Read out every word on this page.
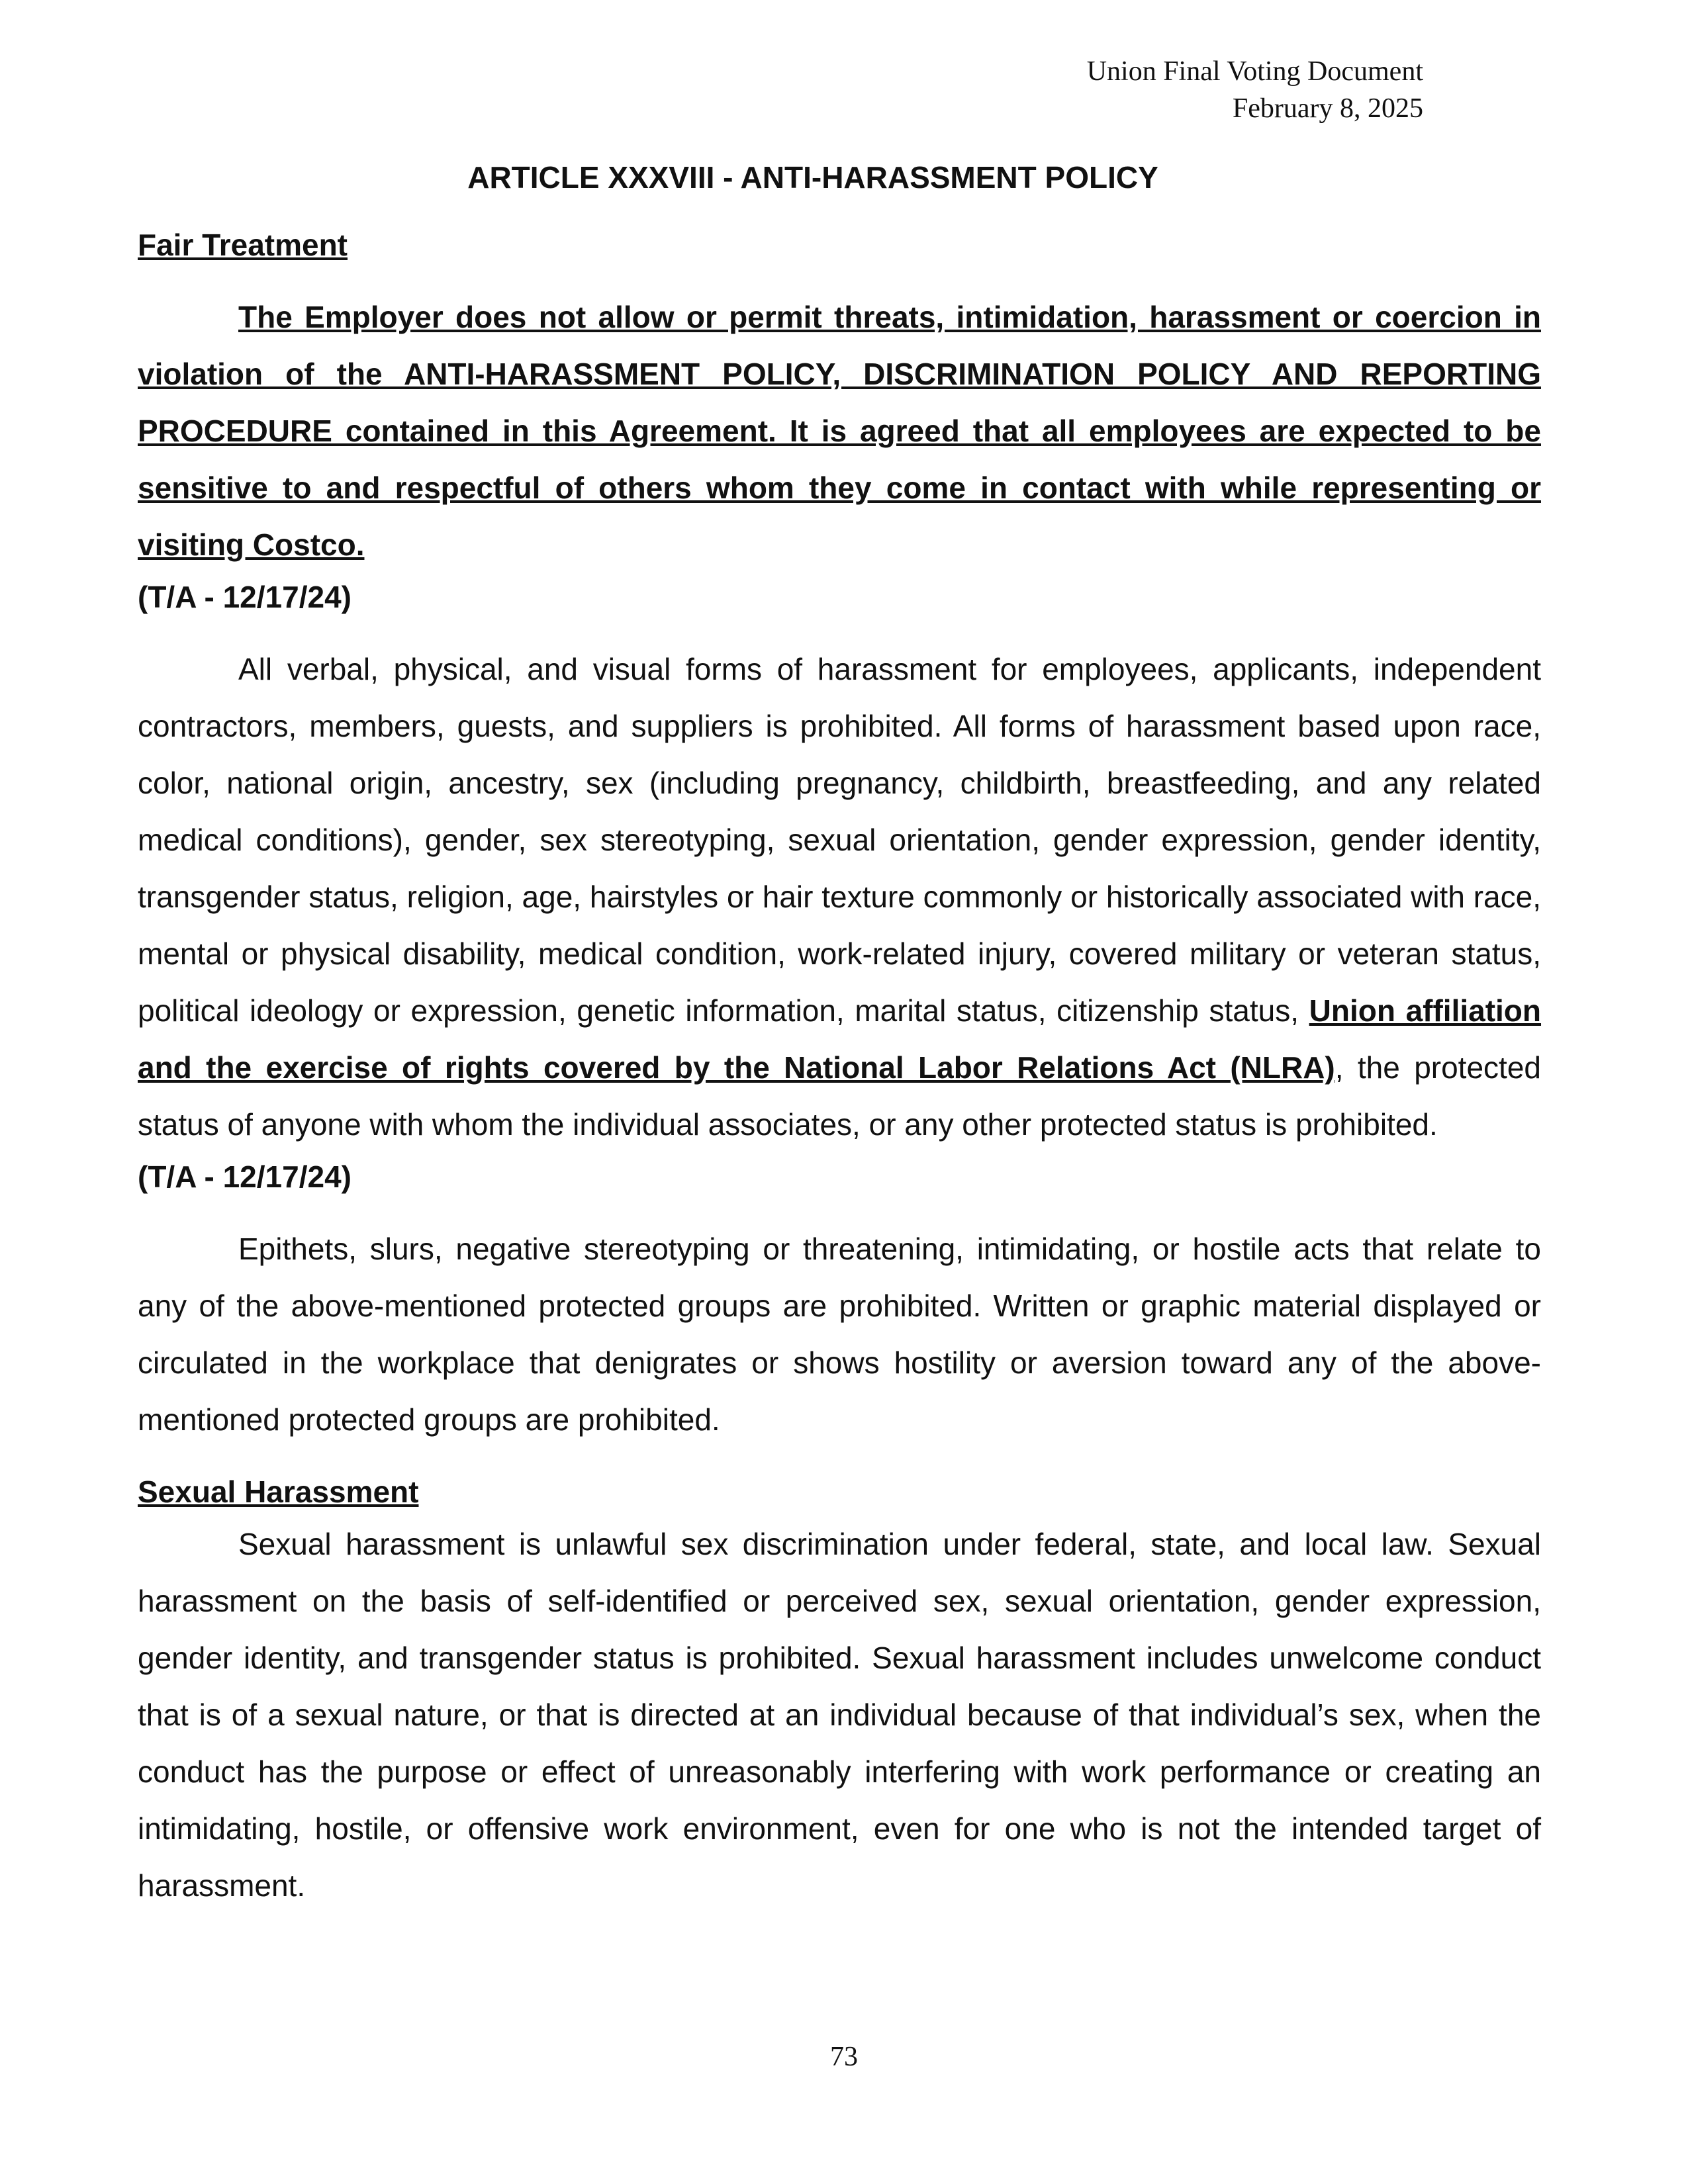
Union Final Voting Document
February 8, 2025
ARTICLE XXXVIII - ANTI-HARASSMENT POLICY
Fair Treatment

The Employer does not allow or permit threats, intimidation, harassment or coercion in violation of the ANTI-HARASSMENT POLICY, DISCRIMINATION POLICY AND REPORTING PROCEDURE contained in this Agreement. It is agreed that all employees are expected to be sensitive to and respectful of others whom they come in contact with while representing or visiting Costco.

(T/A - 12/17/24)

All verbal, physical, and visual forms of harassment for employees, applicants, independent contractors, members, guests, and suppliers is prohibited. All forms of harassment based upon race, color, national origin, ancestry, sex (including pregnancy, childbirth, breastfeeding, and any related medical conditions), gender, sex stereotyping, sexual orientation, gender expression, gender identity, transgender status, religion, age, hairstyles or hair texture commonly or historically associated with race, mental or physical disability, medical condition, work-related injury, covered military or veteran status, political ideology or expression, genetic information, marital status, citizenship status, Union affiliation and the exercise of rights covered by the National Labor Relations Act (NLRA), the protected status of anyone with whom the individual associates, or any other protected status is prohibited.

(T/A - 12/17/24)

Epithets, slurs, negative stereotyping or threatening, intimidating, or hostile acts that relate to any of the above-mentioned protected groups are prohibited. Written or graphic material displayed or circulated in the workplace that denigrates or shows hostility or aversion toward any of the above-mentioned protected groups are prohibited.

Sexual Harassment

Sexual harassment is unlawful sex discrimination under federal, state, and local law. Sexual harassment on the basis of self-identified or perceived sex, sexual orientation, gender expression, gender identity, and transgender status is prohibited. Sexual harassment includes unwelcome conduct that is of a sexual nature, or that is directed at an individual because of that individual’s sex, when the conduct has the purpose or effect of unreasonably interfering with work performance or creating an intimidating, hostile, or offensive work environment, even for one who is not the intended target of harassment.

73
